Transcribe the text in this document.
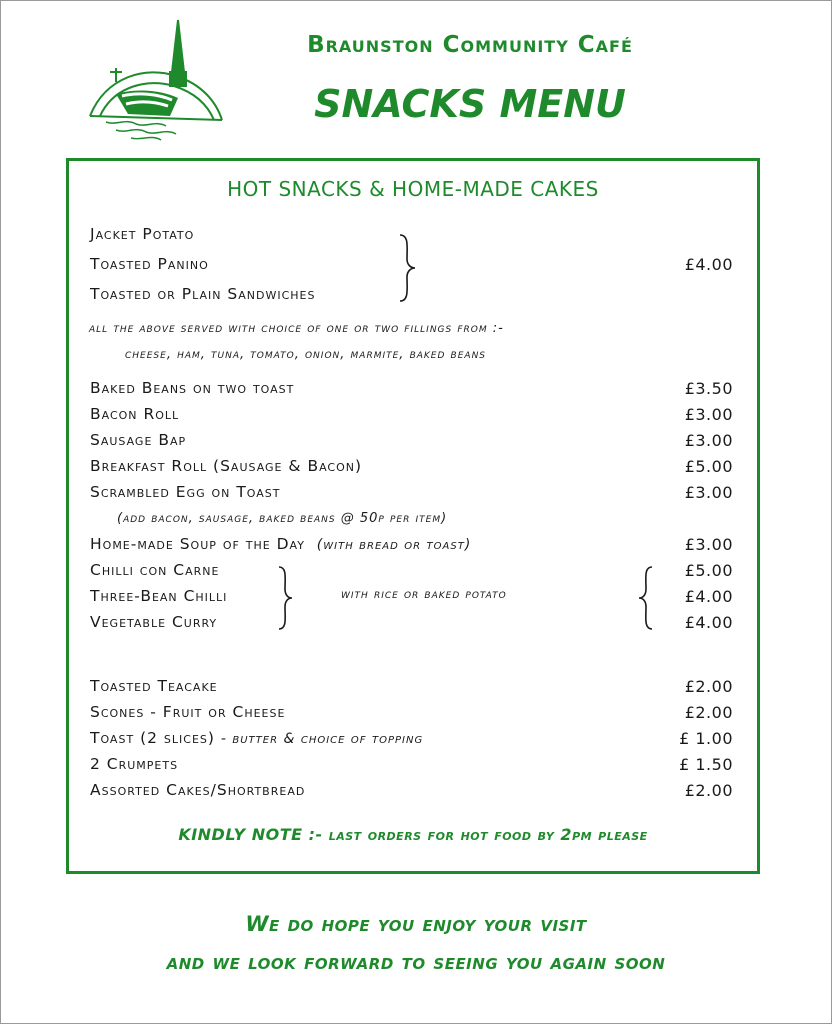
Braunston Community Café
SNACKS MENU
HOT SNACKS & HOME-MADE CAKES
Jacket Potato
Toasted Panino	£4.00
Toasted or Plain Sandwiches
all the above served with choice of one or two fillings from :-
cheese, ham, tuna, tomato, onion, marmite, baked beans
Baked Beans on two toast	£3.50
Bacon Roll	£3.00
Sausage Bap	£3.00
Breakfast Roll (Sausage & Bacon)	£5.00
Scrambled Egg on Toast	£3.00
(add bacon, sausage, baked beans @ 50p per item)
Home-made Soup of the Day (with bread or toast)	£3.00
Chilli con Carne	£5.00
Three-Bean Chilli	£4.00
Vegetable Curry	£4.00
with rice or baked potato
Toasted Teacake	£2.00
Scones - Fruit or Cheese	£2.00
Toast (2 slices) - butter & choice of topping	£ 1.00
2 Crumpets	£ 1.50
Assorted Cakes/Shortbread	£2.00
KINDLY NOTE :- last orders for hot food by 2pm please
We do hope you enjoy your visit
and we look forward to seeing you again soon
